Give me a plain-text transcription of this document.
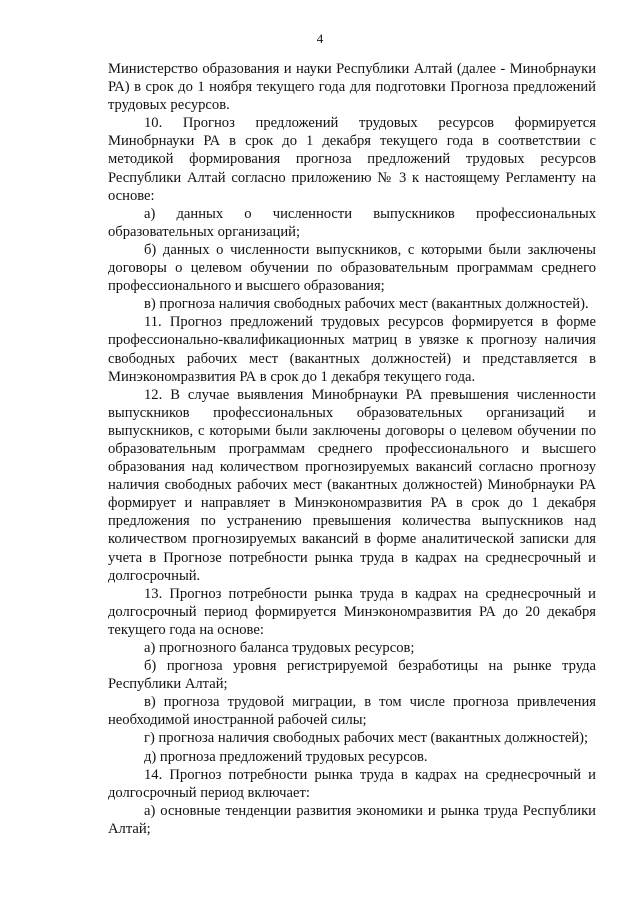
4

Министерство образования и науки Республики Алтай (далее - Минобрнауки РА) в срок до 1 ноября текущего года для подготовки Прогноза предложений трудовых ресурсов.

10. Прогноз предложений трудовых ресурсов формируется Минобрнауки РА в срок до 1 декабря текущего года в соответствии с методикой формирования прогноза предложений трудовых ресурсов Республики Алтай согласно приложению № 3 к настоящему Регламенту на основе:

а) данных о численности выпускников профессиональных образовательных организаций;

б) данных о численности выпускников, с которыми были заключены договоры о целевом обучении по образовательным программам среднего профессионального и высшего образования;

в) прогноза наличия свободных рабочих мест (вакантных должностей).

11. Прогноз предложений трудовых ресурсов формируется в форме профессионально-квалификационных матриц в увязке к прогнозу наличия свободных рабочих мест (вакантных должностей) и представляется в Минэкономразвития РА в срок до 1 декабря текущего года.

12. В случае выявления Минобрнауки РА превышения численности выпускников профессиональных образовательных организаций и выпускников, с которыми были заключены договоры о целевом обучении по образовательным программам среднего профессионального и высшего образования над количеством прогнозируемых вакансий согласно прогнозу наличия свободных рабочих мест (вакантных должностей) Минобрнауки РА формирует и направляет в Минэкономразвития РА в срок до 1 декабря предложения по устранению превышения количества выпускников над количеством прогнозируемых вакансий в форме аналитической записки для учета в Прогнозе потребности рынка труда в кадрах на среднесрочный и долгосрочный.

13. Прогноз потребности рынка труда в кадрах на среднесрочный и долгосрочный период формируется Минэкономразвития РА до 20 декабря текущего года на основе:

а) прогнозного баланса трудовых ресурсов;

б) прогноза уровня регистрируемой безработицы на рынке труда Республики Алтай;

в) прогноза трудовой миграции, в том числе прогноза привлечения необходимой иностранной рабочей силы;

г) прогноза наличия свободных рабочих мест (вакантных должностей);

д) прогноза предложений трудовых ресурсов.

14. Прогноз потребности рынка труда в кадрах на среднесрочный и долгосрочный период включает:

а) основные тенденции развития экономики и рынка труда Республики Алтай;
